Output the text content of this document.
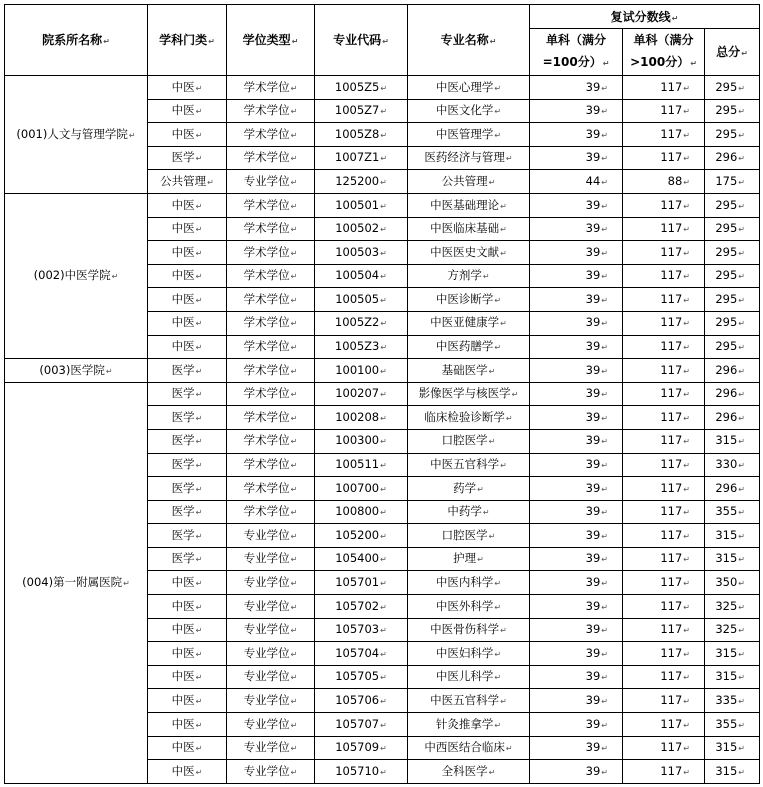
院系所名称 ↵	学科门类 ↵	学位类型 ↵	专业代码 ↵	专业名称 ↵	复试分数线 ↵
					单科（满分=100分） ↵	单科（满分>100分） ↵	总分 ↵
(001)人文与管理学院 ↵	中医 ↵	学术学位 ↵	1005Z5 ↵	中医心理学 ↵	39 ↵	117 ↵	295 ↵
	中医 ↵	学术学位 ↵	1005Z7 ↵	中医文化学 ↵	39 ↵	117 ↵	295 ↵
	中医 ↵	学术学位 ↵	1005Z8 ↵	中医管理学 ↵	39 ↵	117 ↵	295 ↵
	医学 ↵	学术学位 ↵	1007Z1 ↵	医药经济与管理 ↵	39 ↵	117 ↵	296 ↵
	公共管理 ↵	专业学位 ↵	125200 ↵	公共管理 ↵	44 ↵	88 ↵	175 ↵
(002)中医学院 ↵	中医 ↵	学术学位 ↵	100501 ↵	中医基础理论 ↵	39 ↵	117 ↵	295 ↵
	中医 ↵	学术学位 ↵	100502 ↵	中医临床基础 ↵	39 ↵	117 ↵	295 ↵
	中医 ↵	学术学位 ↵	100503 ↵	中医医史文献 ↵	39 ↵	117 ↵	295 ↵
	中医 ↵	学术学位 ↵	100504 ↵	方剂学 ↵	39 ↵	117 ↵	295 ↵
	中医 ↵	学术学位 ↵	100505 ↵	中医诊断学 ↵	39 ↵	117 ↵	295 ↵
	中医 ↵	学术学位 ↵	1005Z2 ↵	中医亚健康学 ↵	39 ↵	117 ↵	295 ↵
	中医 ↵	学术学位 ↵	1005Z3 ↵	中医药膳学 ↵	39 ↵	117 ↵	295 ↵
(003)医学院 ↵	医学 ↵	学术学位 ↵	100100 ↵	基础医学 ↵	39 ↵	117 ↵	296 ↵
(004)第一附属医院 ↵	医学 ↵	学术学位 ↵	100207 ↵	影像医学与核医学 ↵	39 ↵	117 ↵	296 ↵
	医学 ↵	学术学位 ↵	100208 ↵	临床检验诊断学 ↵	39 ↵	117 ↵	296 ↵
	医学 ↵	学术学位 ↵	100300 ↵	口腔医学 ↵	39 ↵	117 ↵	315 ↵
	医学 ↵	学术学位 ↵	100511 ↵	中医五官科学 ↵	39 ↵	117 ↵	330 ↵
	医学 ↵	学术学位 ↵	100700 ↵	药学 ↵	39 ↵	117 ↵	296 ↵
	医学 ↵	学术学位 ↵	100800 ↵	中药学 ↵	39 ↵	117 ↵	355 ↵
	医学 ↵	专业学位 ↵	105200 ↵	口腔医学 ↵	39 ↵	117 ↵	315 ↵
	医学 ↵	专业学位 ↵	105400 ↵	护理 ↵	39 ↵	117 ↵	315 ↵
	中医 ↵	专业学位 ↵	105701 ↵	中医内科学 ↵	39 ↵	117 ↵	350 ↵
	中医 ↵	专业学位 ↵	105702 ↵	中医外科学 ↵	39 ↵	117 ↵	325 ↵
	中医 ↵	专业学位 ↵	105703 ↵	中医骨伤科学 ↵	39 ↵	117 ↵	325 ↵
	中医 ↵	专业学位 ↵	105704 ↵	中医妇科学 ↵	39 ↵	117 ↵	315 ↵
	中医 ↵	专业学位 ↵	105705 ↵	中医儿科学 ↵	39 ↵	117 ↵	315 ↵
	中医 ↵	专业学位 ↵	105706 ↵	中医五官科学 ↵	39 ↵	117 ↵	335 ↵
	中医 ↵	专业学位 ↵	105707 ↵	针灸推拿学 ↵	39 ↵	117 ↵	355 ↵
	中医 ↵	专业学位 ↵	105709 ↵	中西医结合临床 ↵	39 ↵	117 ↵	315 ↵
	中医 ↵	专业学位 ↵	105710 ↵	全科医学 ↵	39 ↵	117 ↵	315 ↵
